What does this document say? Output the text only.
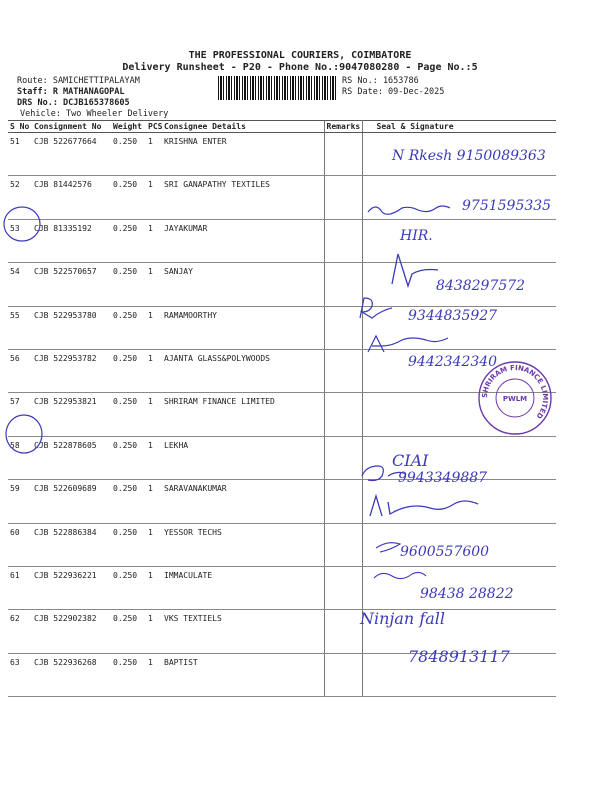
THE PROFESSIONAL COURIERS, COIMBATORE
Delivery Runsheet - P20 - Phone No.:9047080280 - Page No.:5
Route: SAMICHETTIPALAYAM
Staff: R MATHANAGOPAL
DRS No.: DCJB165378605
Vehicle: Two Wheeler Delivery
RS No.: 1653786
RS Date: 09-Dec-2025
S No	Consignment No	Weight	PCS	Consignee Details	Remarks	Seal & Signature
51	CJB 522677664	0.250	1	KRISHNA ENTER		
52	CJB 81442576	0.250	1	SRI GANAPATHY TEXTILES		
53	CJB 81335192	0.250	1	JAYAKUMAR		
54	CJB 522570657	0.250	1	SANJAY		
55	CJB 522953780	0.250	1	RAMAMOORTHY		
56	CJB 522953782	0.250	1	AJANTA GLASS&POLYWOODS		
57	CJB 522953821	0.250	1	SHRIRAM FINANCE LIMITED		
58	CJB 522878605	0.250	1	LEKHA		
59	CJB 522609689	0.250	1	SARAVANAKUMAR		
60	CJB 522886384	0.250	1	YESSOR TECHS		
61	CJB 522936221	0.250	1	IMMACULATE		
62	CJB 522902382	0.250	1	VKS TEXTIELS		
63	CJB 522936268	0.250	1	BAPTIST		
N Rkesh 9150089363
9751595335
HIR.
8438297572
9344835927
9442342340
CIAI
9943349887
9600557600
98438 28822
Ninjan fall
7848913117
SHRIRAM FINANCE LIMITED
PWLM
